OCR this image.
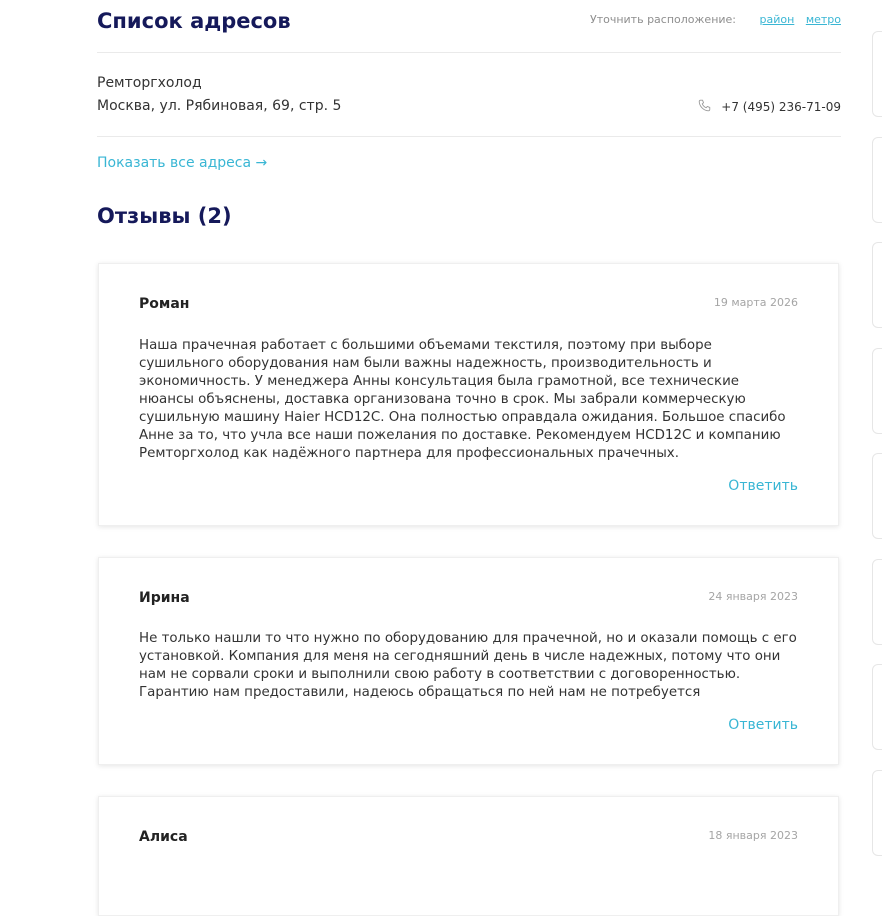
Список адресов	Уточнить расположение: район метро
Ремторгхолод
Москва, ул. Рябиновая, 69, стр. 5	+7 (495) 236-71-09
Показать все адреса →
Отзывы (2)
Роман	19 марта 2026

Наша прачечная работает с большими объемами текстиля, поэтому при выборе сушильного оборудования нам были важны надежность, производительность и экономичность. У менеджера Анны консультация была грамотной, все технические нюансы объяснены, доставка организована точно в срок. Мы забрали коммерческую сушильную машину Haier HCD12C. Она полностью оправдала ожидания. Большое спасибо Анне за то, что учла все наши пожелания по доставке. Рекомендуем HCD12C и компанию Ремторгхолод как надёжного партнера для профессиональных прачечных.

Ответить
Ирина	24 января 2023

Не только нашли то что нужно по оборудованию для прачечной, но и оказали помощь с его установкой. Компания для меня на сегодняшний день в числе надежных, потому что они нам не сорвали сроки и выполнили свою работу в соответствии с договоренностью. Гарантию нам предоставили, надеюсь обращаться по ней нам не потребуется

Ответить
Алиса	18 января 2023
